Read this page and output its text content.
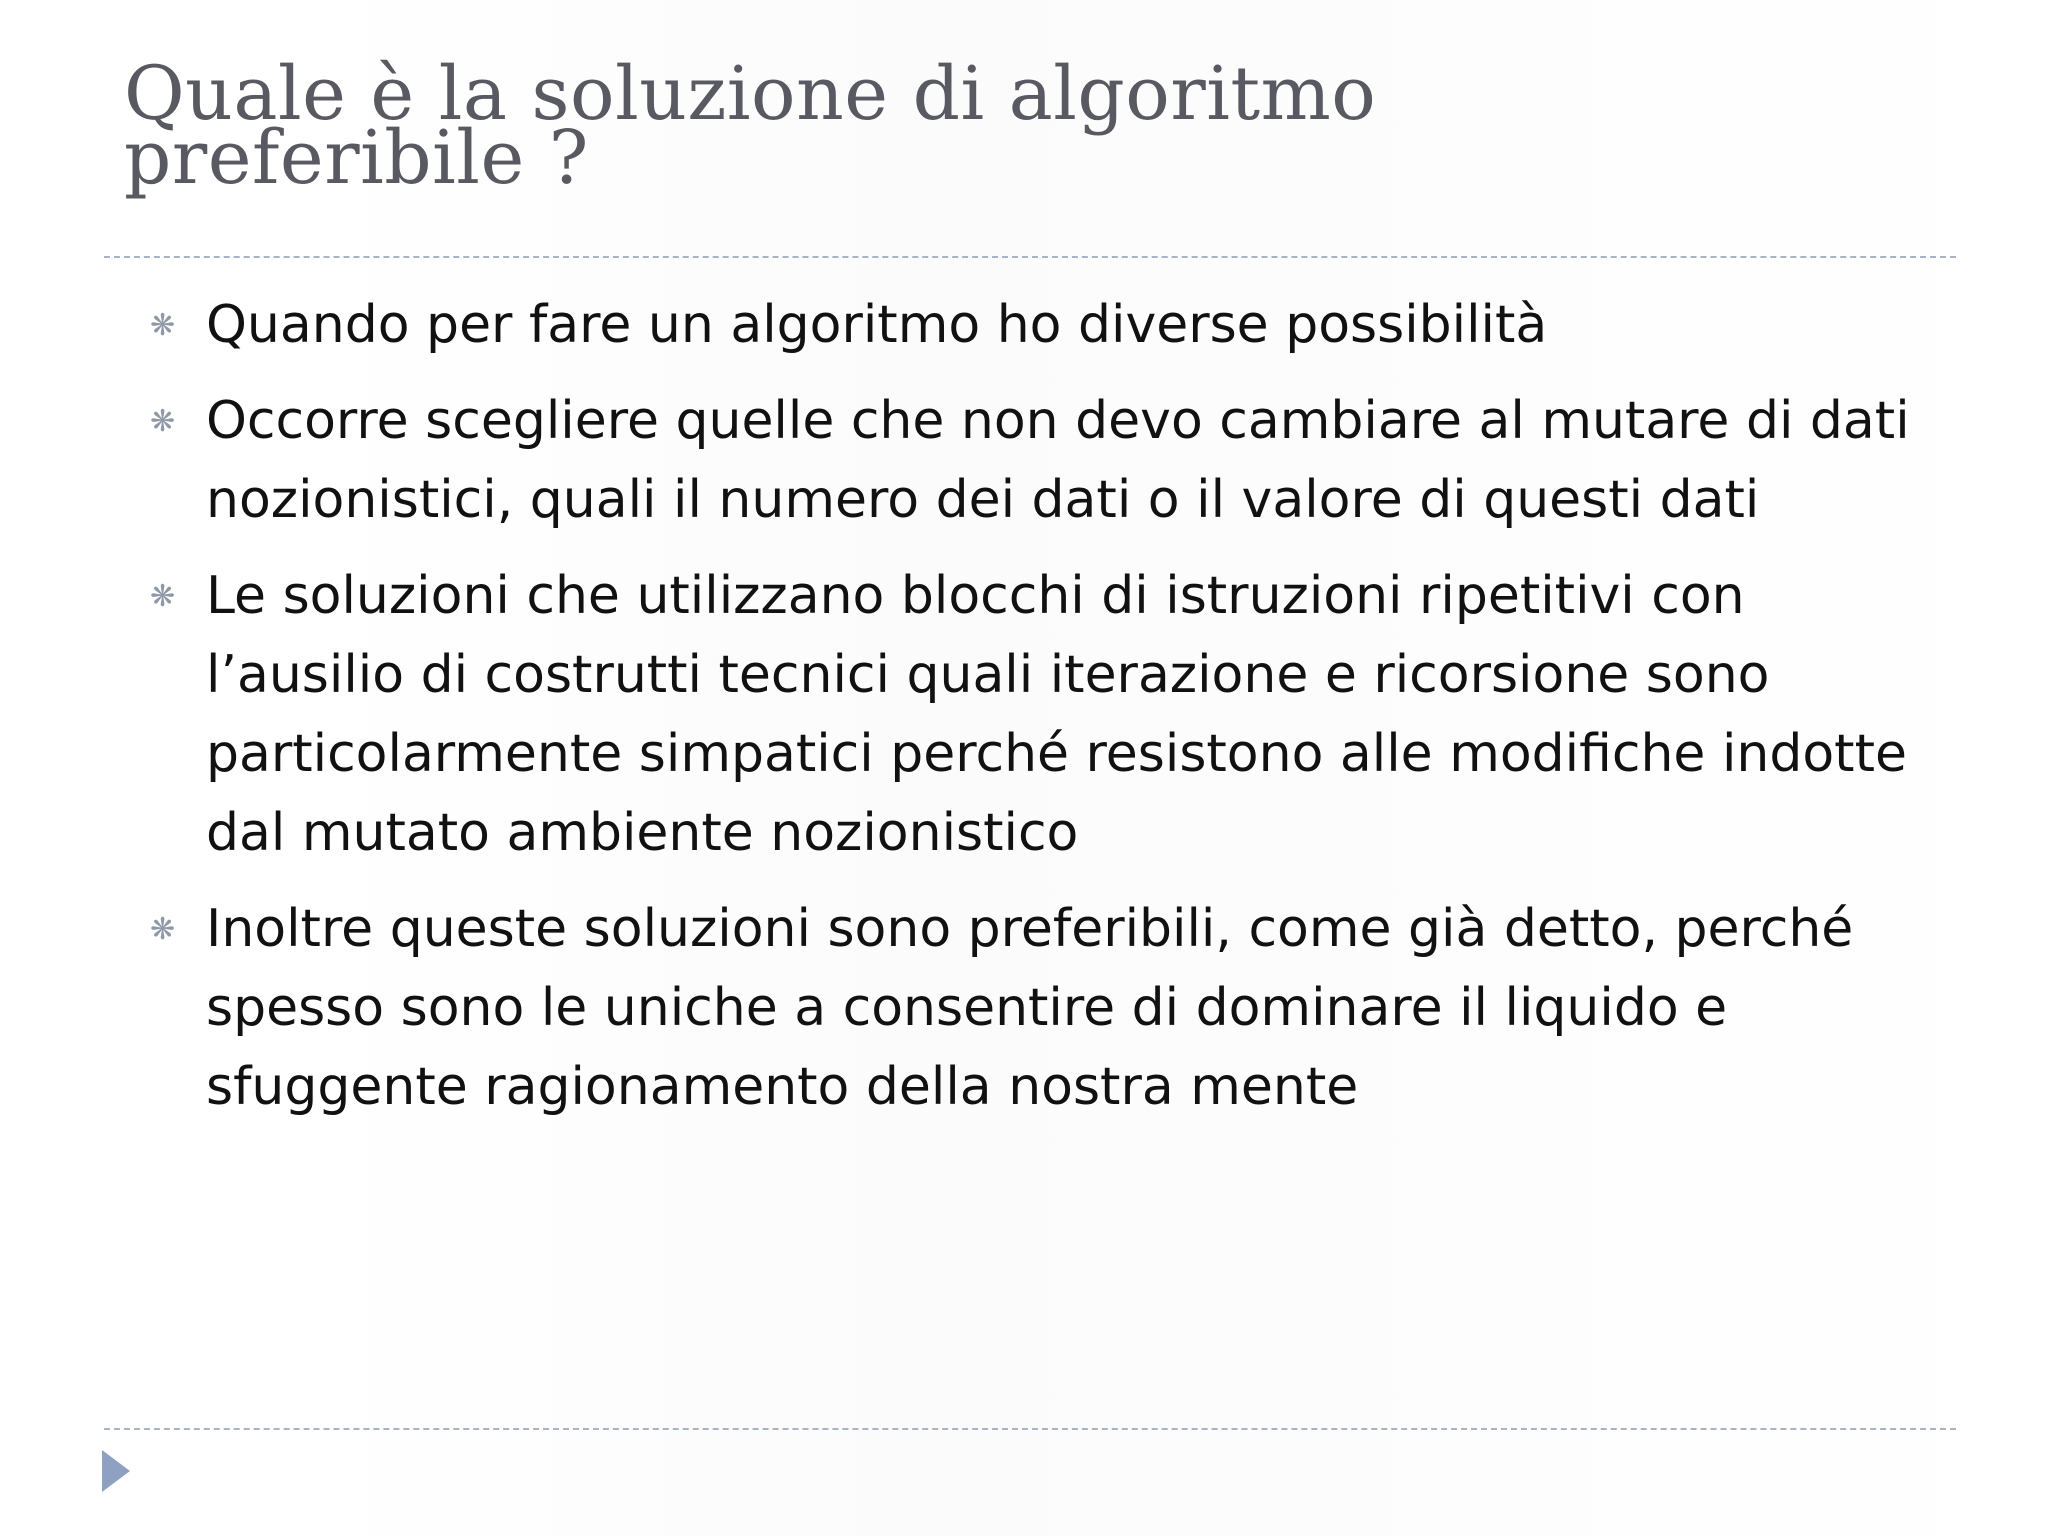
Quale è la soluzione di algoritmo
preferibile ?
❋ Quando per fare un algoritmo ho diverse possibilità
❋ Occorre scegliere quelle che non devo cambiare al mutare di dati nozionistici, quali il numero dei dati o il valore di questi dati
❋ Le soluzioni che utilizzano blocchi di istruzioni ripetitivi con l’ausilio di costrutti tecnici quali iterazione e ricorsione sono particolarmente simpatici perché resistono alle modifiche indotte dal mutato ambiente nozionistico
❋ Inoltre queste soluzioni sono preferibili, come già detto, perché spesso sono le uniche a consentire di dominare il liquido e sfuggente ragionamento della nostra mente
